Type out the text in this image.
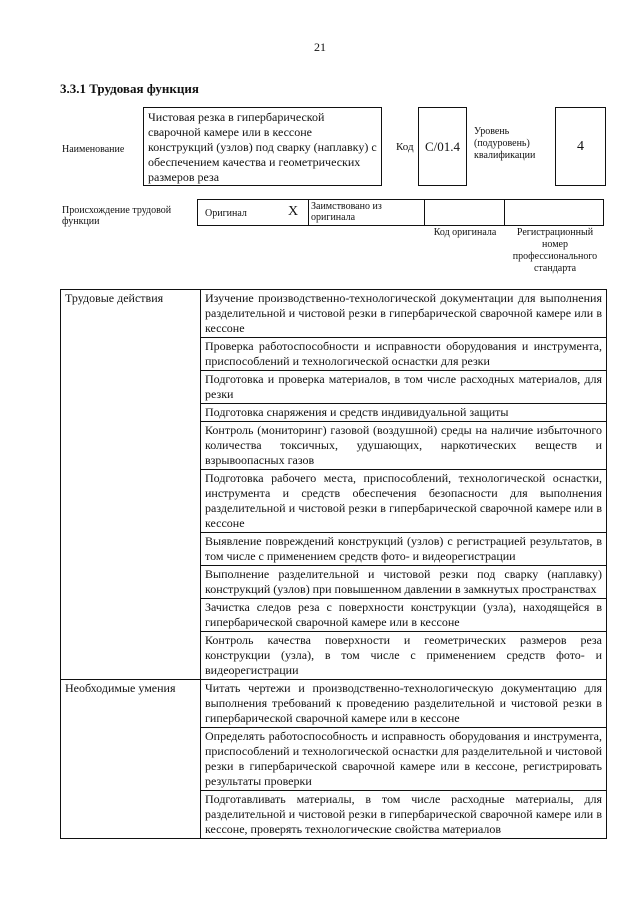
21
3.3.1 Трудовая функция
Наименование
Чистовая резка в гипербарической сварочной камере или в кессоне конструкций (узлов) под сварку (наплавку) с обеспечением качества и геометрических размеров реза
Код C/01.4
Уровень (подуровень) квалификации
4
Происхождение трудовой функции
Оригинал	X Заимствовано из оригинала
Код оригинала	Регистрационный номер профессионального стандарта
Трудовые действия	Изучение производственно-технологической документации для выполнения разделительной и чистовой резки в гипербарической сварочной камере или в кессоне
	Проверка работоспособности и исправности оборудования и инструмента, приспособлений и технологической оснастки для резки
	Подготовка и проверка материалов, в том числе расходных материалов, для резки
	Подготовка снаряжения и средств индивидуальной защиты
	Контроль (мониторинг) газовой (воздушной) среды на наличие избыточного количества токсичных, удушающих, наркотических веществ и взрывоопасных газов
	Подготовка рабочего места, приспособлений, технологической оснастки, инструмента и средств обеспечения безопасности для выполнения разделительной и чистовой резки в гипербарической сварочной камере или в кессоне
	Выявление повреждений конструкций (узлов) с регистрацией результатов, в том числе с применением средств фото- и видеорегистрации
	Выполнение разделительной и чистовой резки под сварку (наплавку) конструкций (узлов) при повышенном давлении в замкнутых пространствах
	Зачистка следов реза с поверхности конструкции (узла), находящейся в гипербарической сварочной камере или в кессоне
	Контроль качества поверхности и геометрических размеров реза конструкции (узла), в том числе с применением средств фото- и видеорегистрации
Необходимые умения	Читать чертежи и производственно-технологическую документацию для выполнения требований к проведению разделительной и чистовой резки в гипербарической сварочной камере или в кессоне
	Определять работоспособность и исправность оборудования и инструмента, приспособлений и технологической оснастки для разделительной и чистовой резки в гипербарической сварочной камере или в кессоне, регистрировать результаты проверки
	Подготавливать материалы, в том числе расходные материалы, для разделительной и чистовой резки в гипербарической сварочной камере или в кессоне, проверять технологические свойства материалов
